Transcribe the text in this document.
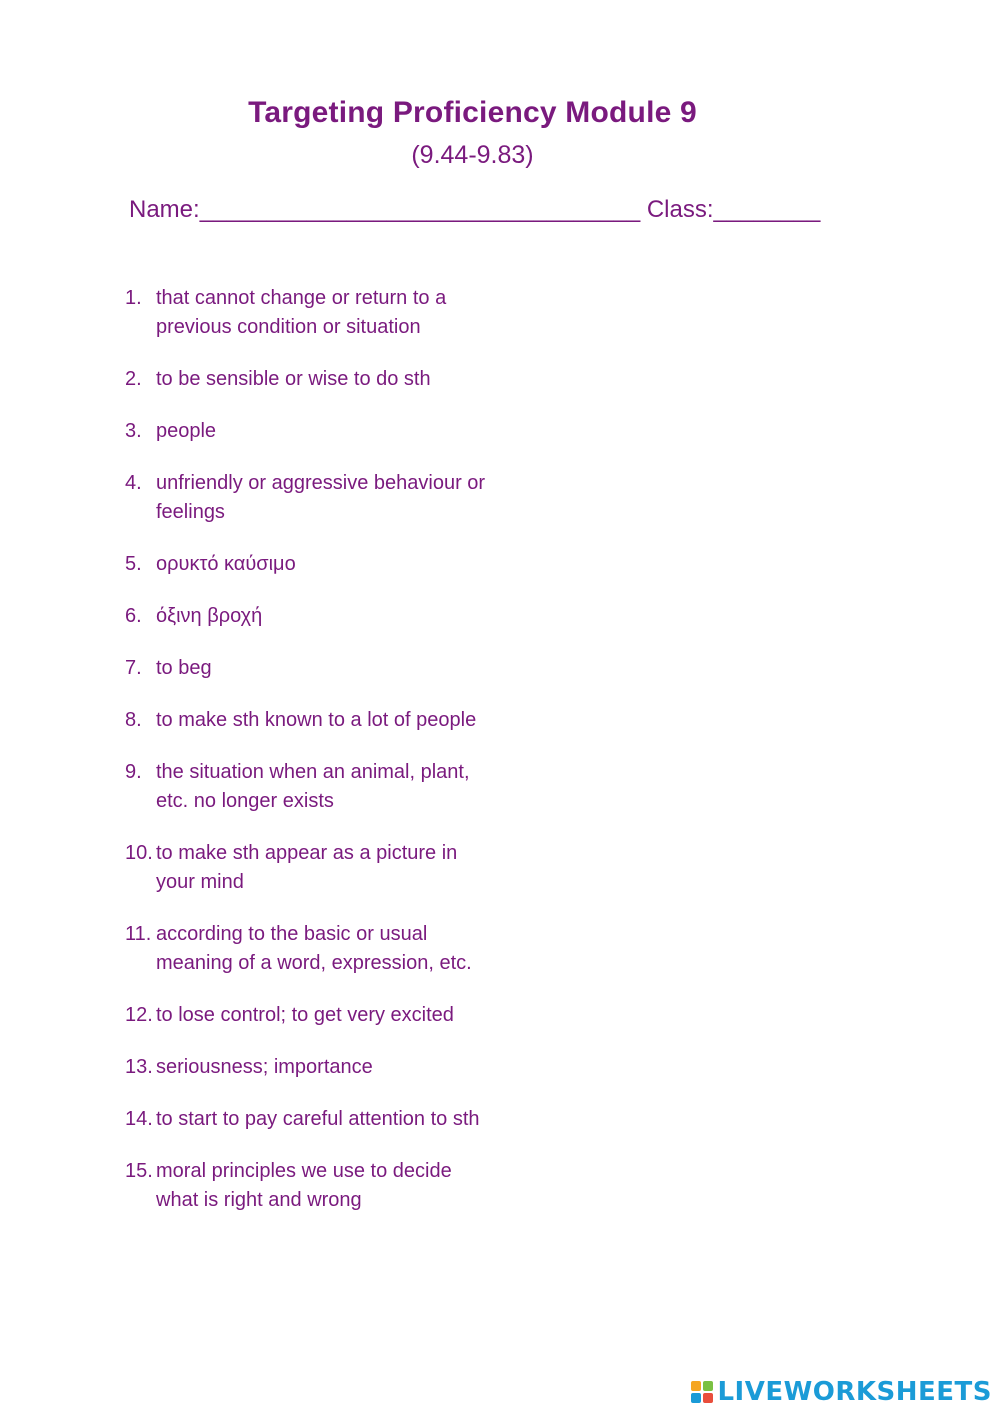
Targeting Proficiency Module 9
(9.44-9.83)
Name:_________________________________ Class:________
1. that cannot change or return to a previous condition or situation
2. to be sensible or wise to do sth
3. people
4. unfriendly or aggressive behaviour or feelings
5. ορυκτό καύσιμο
6. όξινη βροχή
7. to beg
8. to make sth known to a lot of people
9. the situation when an animal, plant, etc. no longer exists
10. to make sth appear as a picture in your mind
11. according to the basic or usual meaning of a word, expression, etc.
12. to lose control; to get very excited
13. seriousness; importance
14. to start to pay careful attention to sth
15. moral principles we use to decide what is right and wrong
LIVEWORKSHEETS
